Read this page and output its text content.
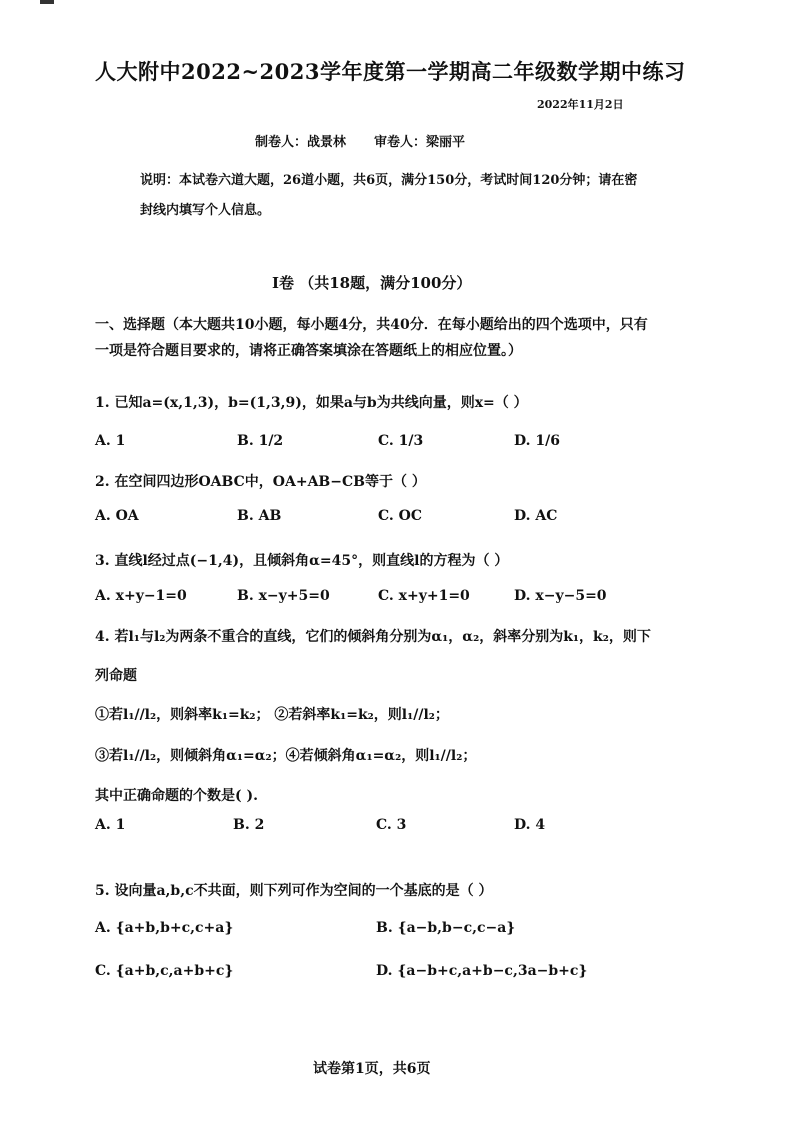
人大附中2022~2023学年度第一学期高二年级数学期中练习
2022年11月2日
制卷人：战景林 审卷人：梁丽平
说明：本试卷六道大题，26道小题，共6页，满分150分，考试时间120分钟；请在密封线内填写个人信息。
I卷 （共18题，满分100分）
一、选择题（本大题共10小题，每小题4分，共40分．在每小题给出的四个选项中，只有一项是符合题目要求的，请将正确答案填涂在答题纸上的相应位置。）
1. 已知a=(x,1,3)，b=(1,3,9)，如果a与b为共线向量，则x=（ ）
A. 1	B. 1/2	C. 1/3	D. 1/6
2. 在空间四边形OABC中，OA+AB−CB等于（ ）
A. OA	B. AB	C. OC	D. AC
3. 直线l经过点(−1,4)，且倾斜角α=45°，则直线l的方程为（ ）
A. x+y−1=0	B. x−y+5=0	C. x+y+1=0	D. x−y−5=0
4. 若l₁与l₂为两条不重合的直线，它们的倾斜角分别为α₁，α₂，斜率分别为k₁，k₂，则下
列命题
①若l₁//l₂，则斜率k₁=k₂； ②若斜率k₁=k₂，则l₁//l₂；
③若l₁//l₂，则倾斜角α₁=α₂；④若倾斜角α₁=α₂，则l₁//l₂；
其中正确命题的个数是( ).
A. 1	B. 2	C. 3	D. 4
5. 设向量a,b,c不共面，则下列可作为空间的一个基底的是（ ）
A. {a+b,b+c,c+a}	B. {a−b,b−c,c−a}
C. {a+b,c,a+b+c}	D. {a−b+c,a+b−c,3a−b+c}
试卷第1页，共6页
